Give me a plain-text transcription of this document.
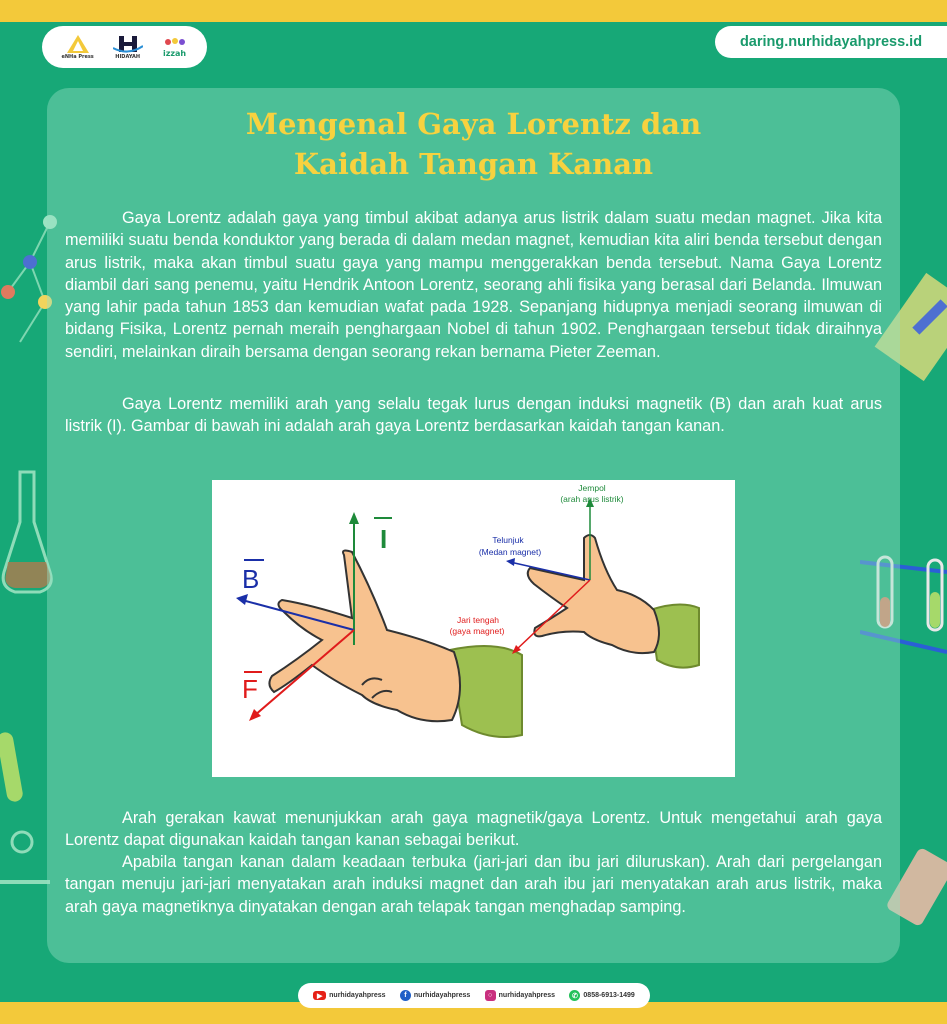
eNHa Press	HIDAYAH	izzah
daring.nurhidayahpress.id
Mengenal Gaya Lorentz dan
Kaidah Tangan Kanan

Gaya Lorentz adalah gaya yang timbul akibat adanya arus listrik dalam suatu medan magnet. Jika kita memiliki suatu benda konduktor yang berada di dalam medan magnet, kemudian kita aliri benda tersebut dengan arus listrik, maka akan timbul suatu gaya yang mampu menggerakkan benda tersebut. Nama Gaya Lorentz diambil dari sang penemu, yaitu Hendrik Antoon Lorentz, seorang ahli fisika yang berasal dari Belanda. Ilmuwan yang lahir pada tahun 1853 dan kemudian wafat pada 1928. Sepanjang hidupnya menjadi seorang ilmuwan di bidang Fisika, Lorentz pernah meraih penghargaan Nobel di tahun 1902. Penghargaan tersebut tidak diraihnya sendiri, melainkan diraih bersama dengan seorang rekan bernama Pieter Zeeman.

Gaya Lorentz memiliki arah yang selalu tegak lurus dengan induksi magnetik (B) dan arah kuat arus listrik (I). Gambar di bawah ini adalah arah gaya Lorentz berdasarkan kaidah tangan kanan.

I
B
F
Jempol
(arah arus listrik)
Telunjuk
(Medan magnet)
Jari tengah
(gaya magnet)

Arah gerakan kawat menunjukkan arah gaya magnetik/gaya Lorentz. Untuk mengetahui arah gaya Lorentz dapat digunakan kaidah tangan kanan sebagai berikut.

Apabila tangan kanan dalam keadaan terbuka (jari-jari dan ibu jari diluruskan). Arah dari pergelangan tangan menuju jari-jari menyatakan arah induksi magnet dan arah ibu jari menyatakan arah arus listrik, maka arah gaya magnetiknya dinyatakan dengan arah telapak tangan menghadap samping.

▶ nurhidayahpress	f	nurhidayahpress	○ nurhidayahpress	✆ 0858-6913-1499
